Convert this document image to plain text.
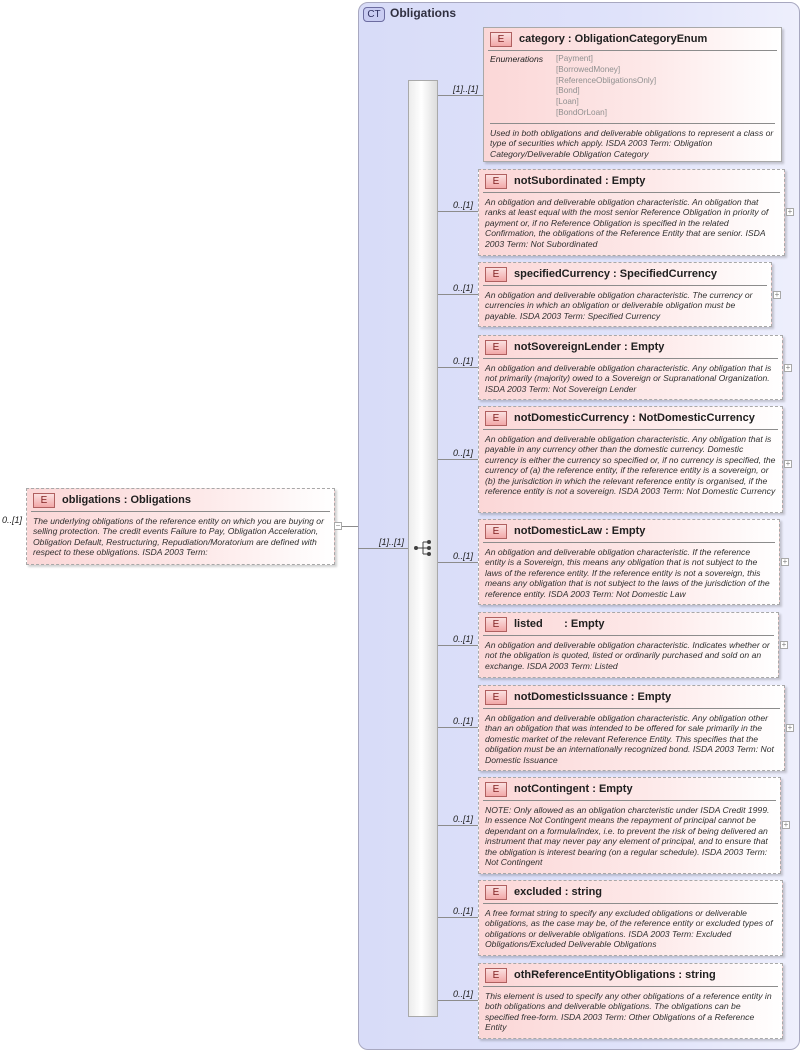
0..[1]
E	obligations : Obligations
The underlying obligations of the reference entity on which you are buying or selling protection. The credit events Failure to Pay, Obligation Acceleration, Obligation Default, Restructuring, Repudiation/Moratorium are defined with respect to these obligations. ISDA 2003 Term:
−
CT Obligations
[1]..[1]
[1]..[1]
E	category : ObligationCategoryEnum
Enumerations	[Payment]
[BorrowedMoney]
[ReferenceObligationsOnly]
[Bond]
[Loan]
[BondOrLoan]
Used in both obligations and deliverable obligations to represent a class or type of securities which apply. ISDA 2003 Term: Obligation Category/Deliverable Obligation Category
0..[1]
E	notSubordinated : Empty
An obligation and deliverable obligation characteristic. An obligation that ranks at least equal with the most senior Reference Obligation in priority of payment or, if no Reference Obligation is specified in the related Confirmation, the obligations of the Reference Entity that are senior. ISDA 2003 Term: Not Subordinated
+
0..[1]
E	specifiedCurrency : SpecifiedCurrency
An obligation and deliverable obligation characteristic. The currency or currencies in which an obligation or deliverable obligation must be payable. ISDA 2003 Term: Specified Currency
+
0..[1]
E	notSovereignLender : Empty
An obligation and deliverable obligation characteristic. Any obligation that is not primarily (majority) owed to a Sovereign or Supranational Organization. ISDA 2003 Term: Not Sovereign Lender
+
0..[1]
E	notDomesticCurrency : NotDomesticCurrency
An obligation and deliverable obligation characteristic. Any obligation that is payable in any currency other than the domestic currency. Domestic currency is either the currency so specified or, if no currency is specified, the currency of (a) the reference entity, if the reference entity is a sovereign, or (b) the jurisdiction in which the relevant reference entity is organised, if the reference entity is not a sovereign. ISDA 2003 Term: Not Domestic Currency
+
0..[1]
E	notDomesticLaw : Empty
An obligation and deliverable obligation characteristic. If the reference entity is a Sovereign, this means any obligation that is not subject to the laws of the reference entity. If the reference entity is not a sovereign, this means any obligation that is not subject to the laws of the jurisdiction of the reference entity. ISDA 2003 Term: Not Domestic Law
+
0..[1]
E	listed       : Empty
An obligation and deliverable obligation characteristic. Indicates whether or not the obligation is quoted, listed or ordinarily purchased and sold on an exchange. ISDA 2003 Term: Listed
+
0..[1]
E	notDomesticIssuance : Empty
An obligation and deliverable obligation characteristic. Any obligation other than an obligation that was intended to be offered for sale primarily in the domestic market of the relevant Reference Entity. This specifies that the obligation must be an internationally recognized bond. ISDA 2003 Term: Not Domestic Issuance
+
0..[1]
E	notContingent : Empty
NOTE: Only allowed as an obligation charcteristic under ISDA Credit 1999. In essence Not Contingent means the repayment of principal cannot be dependant on a formula/index, i.e. to prevent the risk of being delivered an instrument that may never pay any element of principal, and to ensure that the obligation is interest bearing (on a regular schedule). ISDA 2003 Term: Not Contingent
+
0..[1]
E	excluded : string
A free format string to specify any excluded obligations or deliverable obligations, as the case may be, of the reference entity or excluded types of obligations or deliverable obligations. ISDA 2003 Term: Excluded Obligations/Excluded Deliverable Obligations
0..[1]
E	othReferenceEntityObligations : string
This element is used to specify any other obligations of a reference entity in both obligations and deliverable obligations. The obligations can be specified free-form. ISDA 2003 Term: Other Obligations of a Reference Entity
